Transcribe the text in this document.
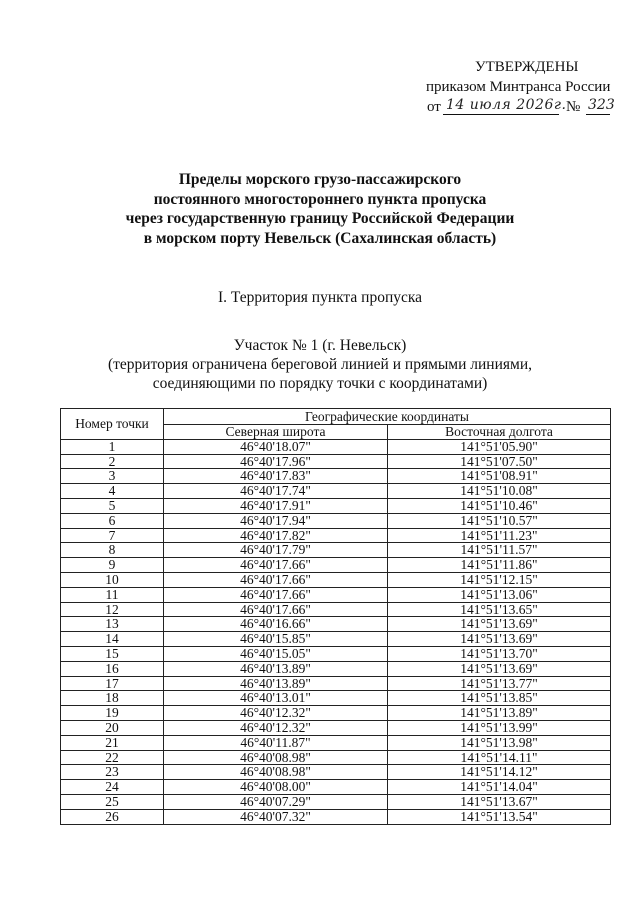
УТВЕРЖДЕНЫ
приказом Минтранса России
от 14 июля 2026г. № 323
Пределы морского грузо-пассажирского
постоянного многостороннего пункта пропуска
через государственную границу Российской Федерации
в морском порту Невельск (Сахалинская область)
I. Территория пункта пропуска
Участок № 1 (г. Невельск)
(территория ограничена береговой линией и прямыми линиями,
соединяющими по порядку точки с координатами)
Номер точки	Географические координаты	
	Северная широта	Восточная долгота
1	46°40'18.07"	141°51'05.90"
2	46°40'17.96"	141°51'07.50"
3	46°40'17.83"	141°51'08.91"
4	46°40'17.74"	141°51'10.08"
5	46°40'17.91"	141°51'10.46"
6	46°40'17.94"	141°51'10.57"
7	46°40'17.82"	141°51'11.23"
8	46°40'17.79"	141°51'11.57"
9	46°40'17.66"	141°51'11.86"
10	46°40'17.66"	141°51'12.15"
11	46°40'17.66"	141°51'13.06"
12	46°40'17.66"	141°51'13.65"
13	46°40'16.66"	141°51'13.69"
14	46°40'15.85"	141°51'13.69"
15	46°40'15.05"	141°51'13.70"
16	46°40'13.89"	141°51'13.69"
17	46°40'13.89"	141°51'13.77"
18	46°40'13.01"	141°51'13.85"
19	46°40'12.32"	141°51'13.89"
20	46°40'12.32"	141°51'13.99"
21	46°40'11.87"	141°51'13.98"
22	46°40'08.98"	141°51'14.11"
23	46°40'08.98"	141°51'14.12"
24	46°40'08.00"	141°51'14.04"
25	46°40'07.29"	141°51'13.67"
26	46°40'07.32"	141°51'13.54"
